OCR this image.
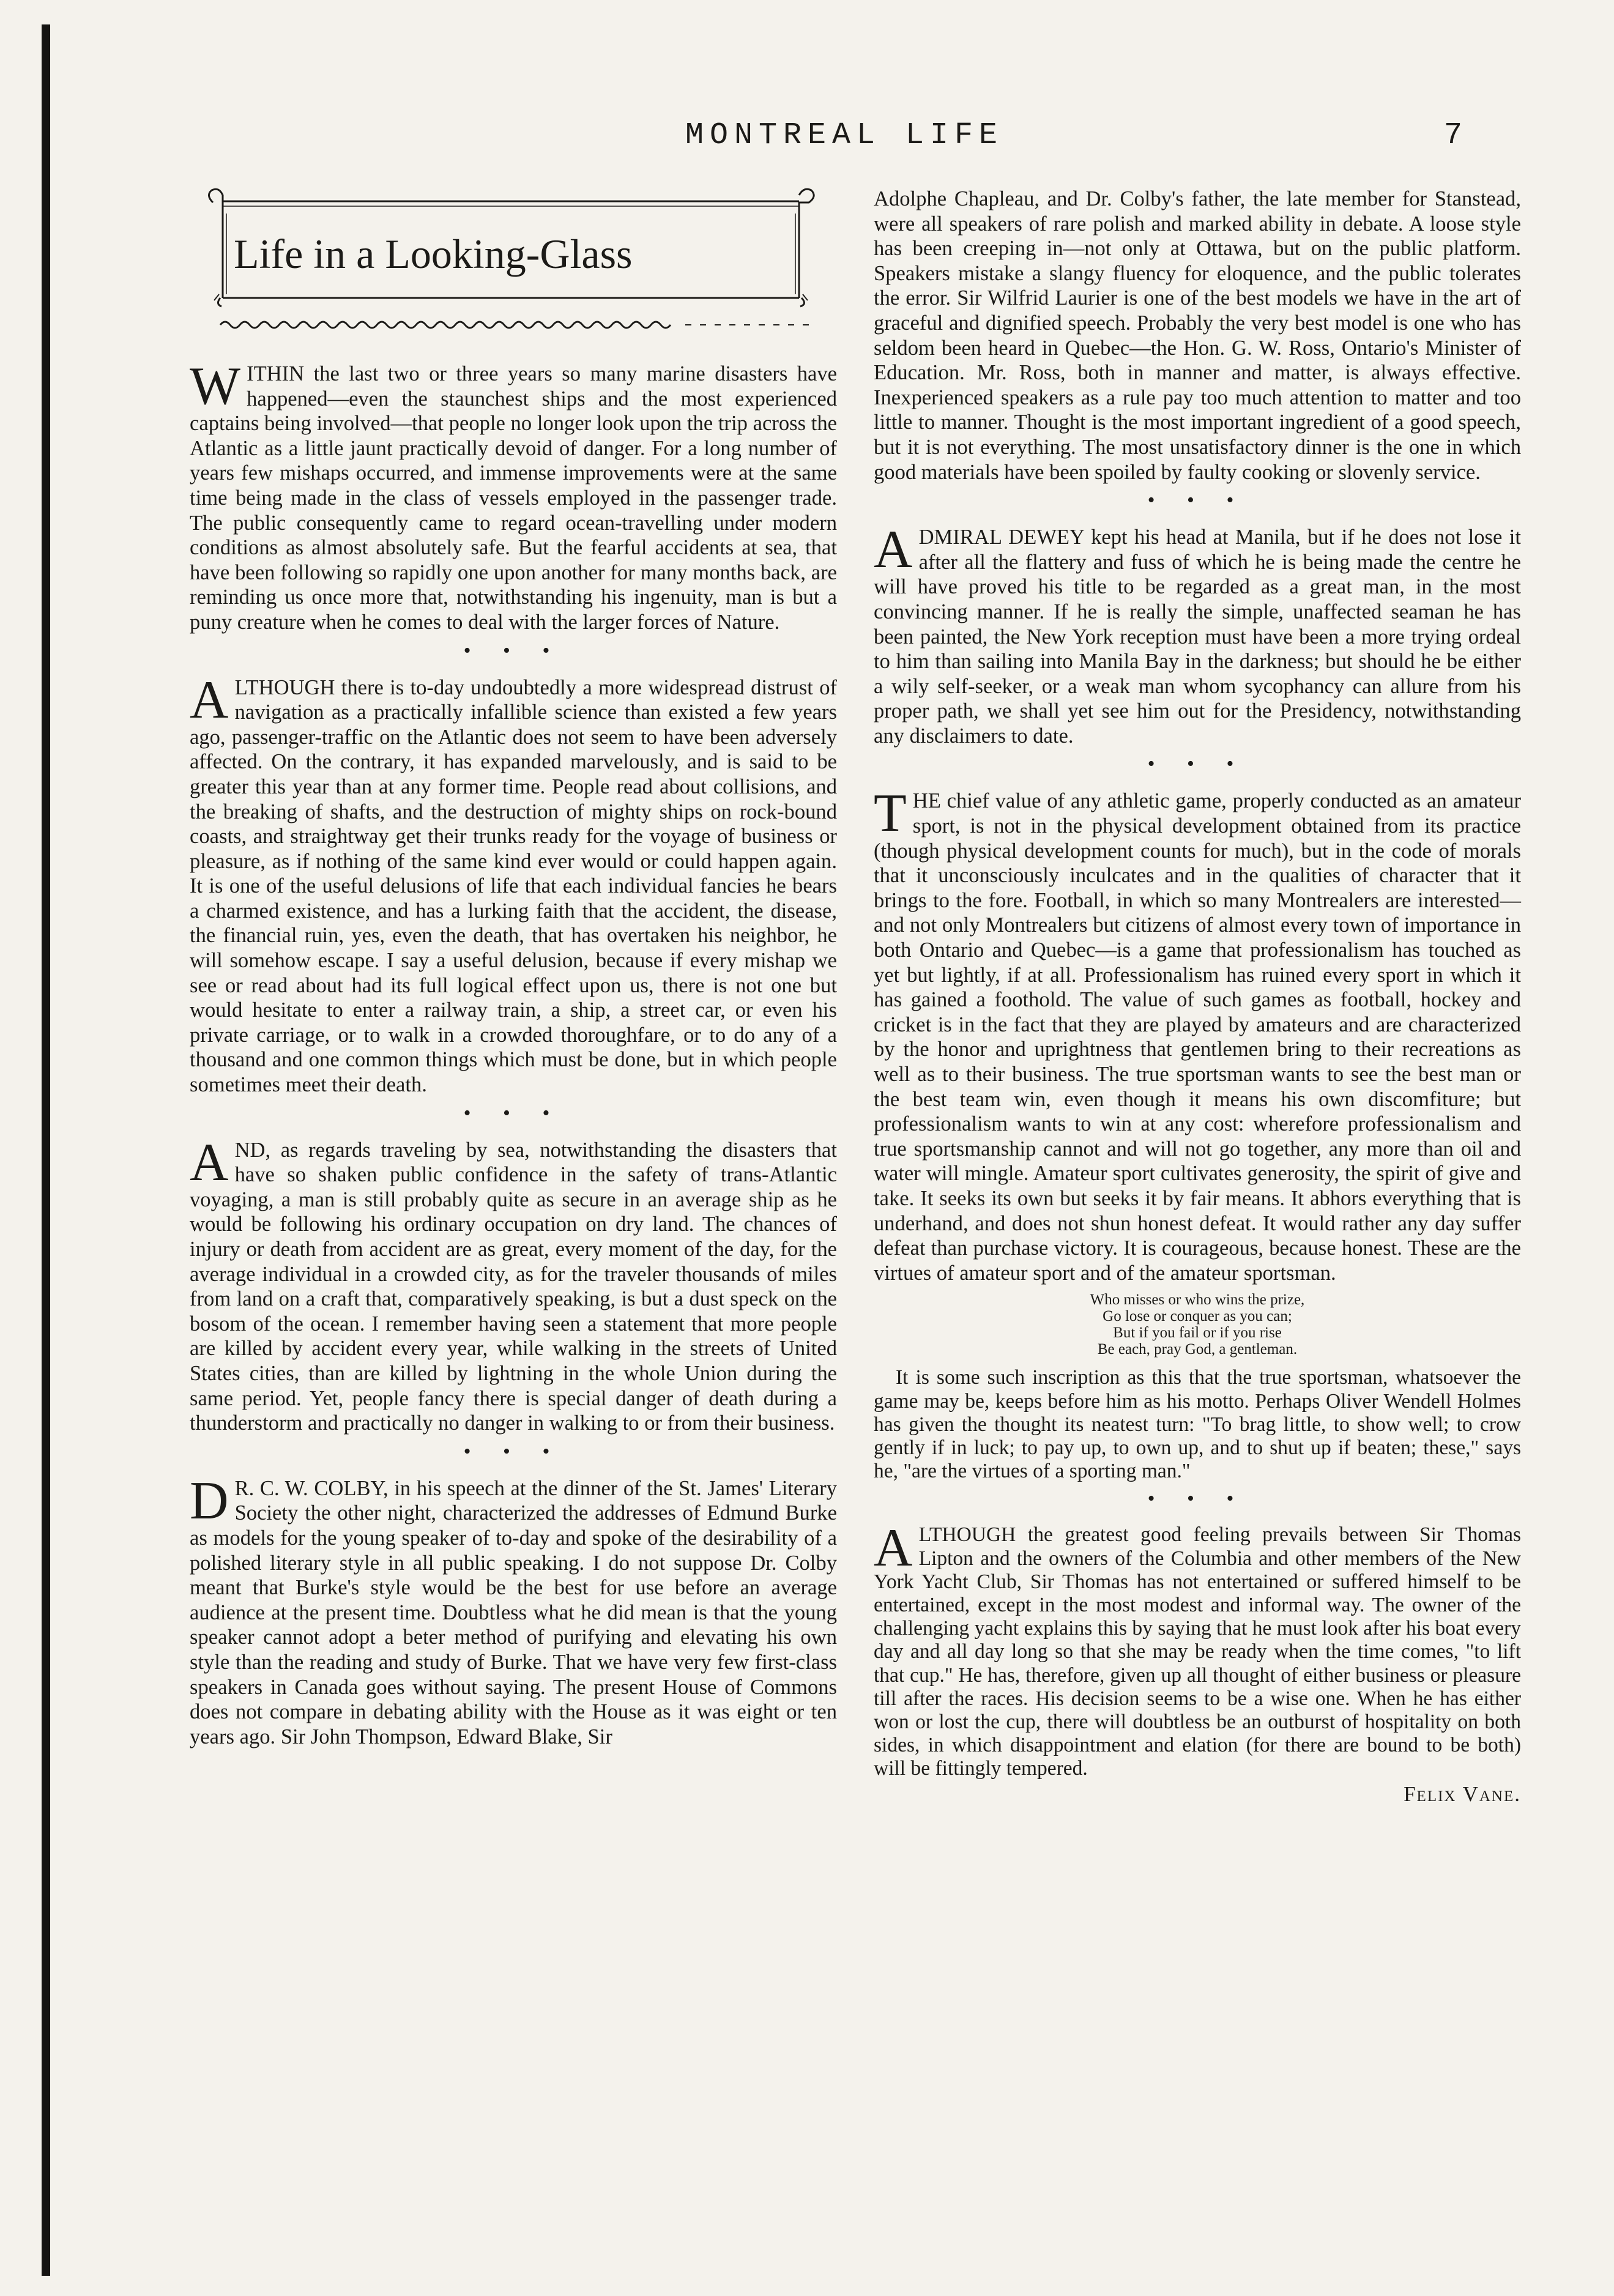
MONTREAL LIFE	7
Life in a Looking-Glass

WITHIN the last two or three years so many marine disasters have happened—even the staunchest ships and the most experienced captains being involved—that people no longer look upon the trip across the Atlantic as a little jaunt practically devoid of danger. For a long number of years few mishaps occurred, and immense improvements were at the same time being made in the class of vessels employed in the passenger trade. The public consequently came to regard ocean-travelling under modern conditions as almost absolutely safe. But the fearful accidents at sea, that have been following so rapidly one upon another for many months back, are reminding us once more that, notwithstanding his ingenuity, man is but a puny creature when he comes to deal with the larger forces of Nature.

• • •

ALTHOUGH there is to-day undoubtedly a more widespread distrust of navigation as a practically infallible science than existed a few years ago, passenger-traffic on the Atlantic does not seem to have been adversely affected. On the contrary, it has expanded marvelously, and is said to be greater this year than at any former time. People read about collisions, and the breaking of shafts, and the destruction of mighty ships on rock-bound coasts, and straightway get their trunks ready for the voyage of business or pleasure, as if nothing of the same kind ever would or could happen again. It is one of the useful delusions of life that each individual fancies he bears a charmed existence, and has a lurking faith that the accident, the disease, the financial ruin, yes, even the death, that has overtaken his neighbor, he will somehow escape. I say a useful delusion, because if every mishap we see or read about had its full logical effect upon us, there is not one but would hesitate to enter a railway train, a ship, a street car, or even his private carriage, or to walk in a crowded thoroughfare, or to do any of a thousand and one common things which must be done, but in which people sometimes meet their death.

• • •

AND, as regards traveling by sea, notwithstanding the disasters that have so shaken public confidence in the safety of trans-Atlantic voyaging, a man is still probably quite as secure in an average ship as he would be following his ordinary occupation on dry land. The chances of injury or death from accident are as great, every moment of the day, for the average individual in a crowded city, as for the traveler thousands of miles from land on a craft that, comparatively speaking, is but a dust speck on the bosom of the ocean. I remember having seen a statement that more people are killed by accident every year, while walking in the streets of United States cities, than are killed by lightning in the whole Union during the same period. Yet, people fancy there is special danger of death during a thunderstorm and practically no danger in walking to or from their business.

• • •

D R. C. W. COLBY, in his speech at the dinner of the St. James' Literary Society the other night, characterized the addresses of Edmund Burke as models for the young speaker of to-day and spoke of the desirability of a polished literary style in all public speaking. I do not suppose Dr. Colby meant that Burke's style would be the best for use before an average audience at the present time. Doubtless what he did mean is that the young speaker cannot adopt a beter method of purifying and elevating his own style than the reading and study of Burke. That we have very few first-class speakers in Canada goes without saying. The present House of Commons does not compare in debating ability with the House as it was eight or ten years ago. Sir John Thompson, Edward Blake, Sir

Adolphe Chapleau, and Dr. Colby's father, the late member for Stanstead, were all speakers of rare polish and marked ability in debate. A loose style has been creeping in—not only at Ottawa, but on the public platform. Speakers mistake a slangy fluency for eloquence, and the public tolerates the error. Sir Wilfrid Laurier is one of the best models we have in the art of graceful and dignified speech. Probably the very best model is one who has seldom been heard in Quebec—the Hon. G. W. Ross, Ontario's Minister of Education. Mr. Ross, both in manner and matter, is always effective. Inexperienced speakers as a rule pay too much attention to matter and too little to manner. Thought is the most important ingredient of a good speech, but it is not everything. The most unsatisfactory dinner is the one in which good materials have been spoiled by faulty cooking or slovenly service.

• • •

ADMIRAL DEWEY kept his head at Manila, but if he does not lose it after all the flattery and fuss of which he is being made the centre he will have proved his title to be regarded as a great man, in the most convincing manner. If he is really the simple, unaffected seaman he has been painted, the New York reception must have been a more trying ordeal to him than sailing into Manila Bay in the darkness; but should he be either a wily self-seeker, or a weak man whom sycophancy can allure from his proper path, we shall yet see him out for the Presidency, notwithstanding any disclaimers to date.

• • •

THE chief value of any athletic game, properly conducted as an amateur sport, is not in the physical development obtained from its practice (though physical development counts for much), but in the code of morals that it unconsciously inculcates and in the qualities of character that it brings to the fore. Football, in which so many Montrealers are interested—and not only Montrealers but citizens of almost every town of importance in both Ontario and Quebec—is a game that professionalism has touched as yet but lightly, if at all. Professionalism has ruined every sport in which it has gained a foothold. The value of such games as football, hockey and cricket is in the fact that they are played by amateurs and are characterized by the honor and uprightness that gentlemen bring to their recreations as well as to their business. The true sportsman wants to see the best man or the best team win, even though it means his own discomfiture; but professionalism wants to win at any cost: wherefore professionalism and true sportsmanship cannot and will not go together, any more than oil and water will mingle. Amateur sport cultivates generosity, the spirit of give and take. It seeks its own but seeks it by fair means. It abhors everything that is underhand, and does not shun honest defeat. It would rather any day suffer defeat than purchase victory. It is courageous, because honest. These are the virtues of amateur sport and of the amateur sportsman.

Who misses or who wins the prize,
Go lose or conquer as you can;
But if you fail or if you rise
Be each, pray God, a gentleman.

It is some such inscription as this that the true sportsman, whatsoever the game may be, keeps before him as his motto. Perhaps Oliver Wendell Holmes has given the thought its neatest turn: "To brag little, to show well; to crow gently if in luck; to pay up, to own up, and to shut up if beaten; these," says he, "are the virtues of a sporting man."

• • •

ALTHOUGH the greatest good feeling prevails between Sir Thomas Lipton and the owners of the Columbia and other members of the New York Yacht Club, Sir Thomas has not entertained or suffered himself to be entertained, except in the most modest and informal way. The owner of the challenging yacht explains this by saying that he must look after his boat every day and all day long so that she may be ready when the time comes, "to lift that cup." He has, therefore, given up all thought of either business or pleasure till after the races. His decision seems to be a wise one. When he has either won or lost the cup, there will doubtless be an outburst of hospitality on both sides, in which disappointment and elation (for there are bound to be both) will be fittingly tempered.

Felix Vane.
